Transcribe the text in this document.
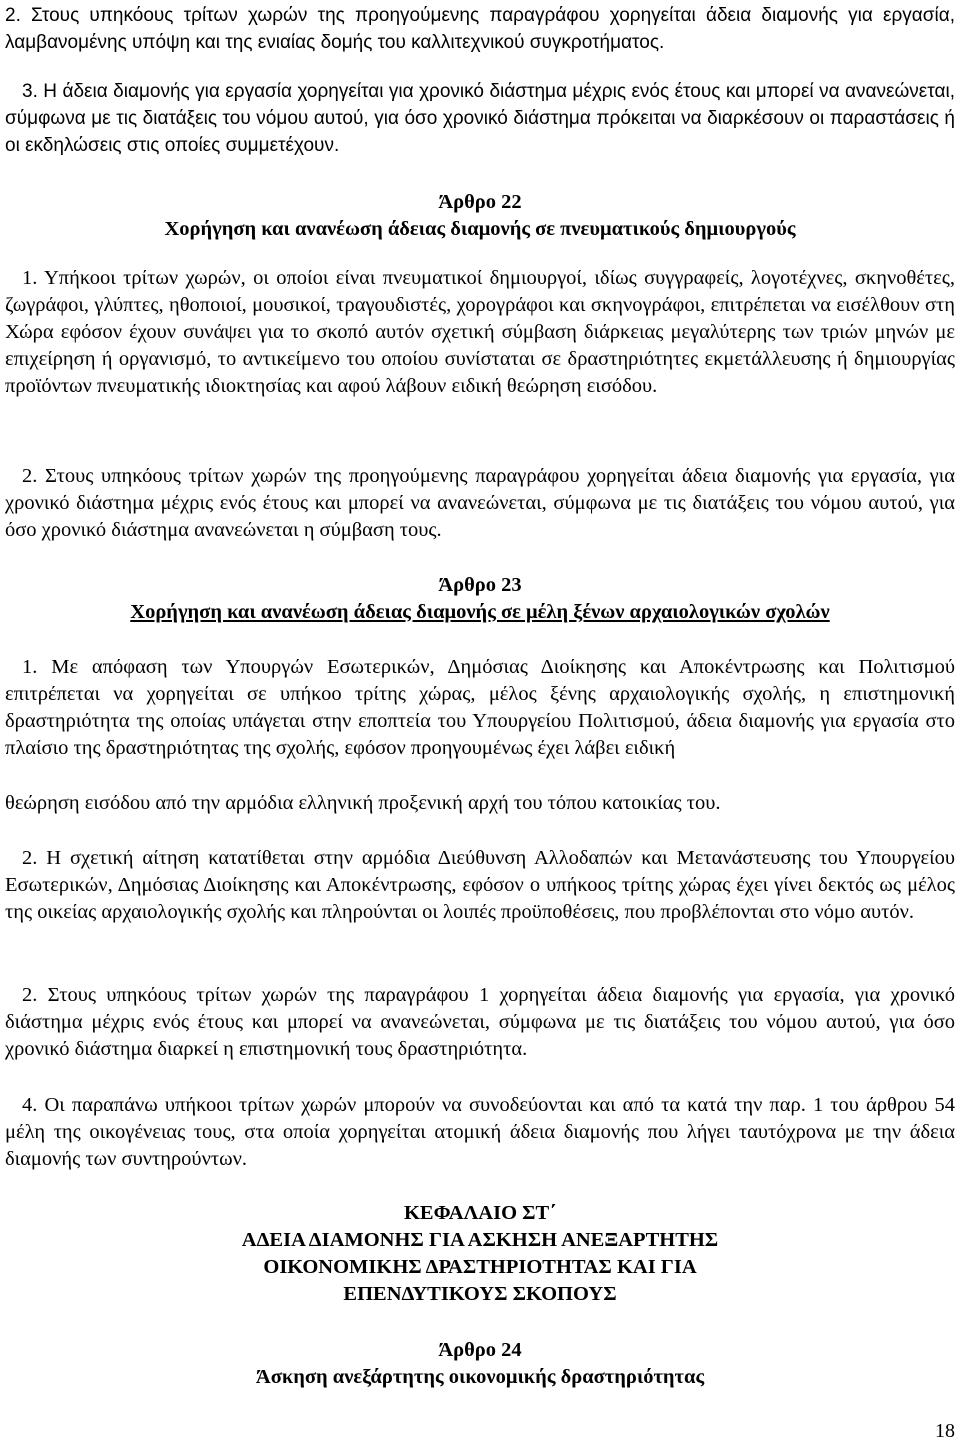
2. Στους υπηκόους τρίτων χωρών της προηγούμενης παραγράφου χορηγείται άδεια διαμονής για εργασία, λαμβανομένης υπόψη και της ενιαίας δομής του καλλιτεχνικού συγκροτήματος.

3. Η άδεια διαμονής για εργασία χορηγείται για χρονικό διάστημα μέχρις ενός έτους και μπορεί να ανανεώνεται, σύμφωνα με τις διατάξεις του νόμου αυτού, για όσο χρονικό διάστημα πρόκειται να διαρκέσουν οι παραστάσεις ή οι εκδηλώσεις στις οποίες συμμετέχουν.

Άρθρο 22

Χορήγηση και ανανέωση άδειας διαμονής σε πνευματικούς δημιουργούς

1. Υπήκοοι τρίτων χωρών, οι οποίοι είναι πνευματικοί δημιουργοί, ιδίως συγγραφείς, λογοτέχνες, σκηνοθέτες, ζωγράφοι, γλύπτες, ηθοποιοί, μουσικοί, τραγουδιστές, χορογράφοι και σκηνογράφοι, επιτρέπεται να εισέλθουν στη Χώρα εφόσον έχουν συνάψει για το σκοπό αυτόν σχετική σύμβαση διάρκειας μεγαλύτερης των τριών μηνών με επιχείρηση ή οργανισμό, το αντικείμενο του οποίου συνίσταται σε δραστηριότητες εκμετάλλευσης ή δημιουργίας προϊόντων πνευματικής ιδιοκτησίας και αφού λάβουν ειδική θεώρηση εισόδου.

2. Στους υπηκόους τρίτων χωρών της προηγούμενης παραγράφου χορηγείται άδεια διαμονής για εργασία, για χρονικό διάστημα μέχρις ενός έτους και μπορεί να ανανεώνεται, σύμφωνα με τις διατάξεις του νόμου αυτού, για όσο χρονικό διάστημα ανανεώνεται η σύμβαση τους.

Άρθρο 23

Χορήγηση και ανανέωση άδειας διαμονής σε μέλη ξένων αρχαιολογικών σχολών

1. Με απόφαση των Υπουργών Εσωτερικών, Δημόσιας Διοίκησης και Αποκέντρωσης και Πολιτισμού επιτρέπεται να χορηγείται σε υπήκοο τρίτης χώρας, μέλος ξένης αρχαιολογικής σχολής, η επιστημονική δραστηριότητα της οποίας υπάγεται στην εποπτεία του Υπουργείου Πολιτισμού, άδεια διαμονής για εργασία στο πλαίσιο της δραστηριότητας της σχολής, εφόσον προηγουμένως έχει λάβει ειδική

θεώρηση εισόδου από την αρμόδια ελληνική προξενική αρχή του τόπου κατοικίας του.

2. Η σχετική αίτηση κατατίθεται στην αρμόδια Διεύθυνση Αλλοδαπών και Μετανάστευσης του Υπουργείου Εσωτερικών, Δημόσιας Διοίκησης και Αποκέντρωσης, εφόσον ο υπήκοος τρίτης χώρας έχει γίνει δεκτός ως μέλος της οικείας αρχαιολογικής σχολής και πληρούνται οι λοιπές προϋποθέσεις, που προβλέπονται στο νόμο αυτόν.

2. Στους υπηκόους τρίτων χωρών της παραγράφου 1 χορηγείται άδεια διαμονής για εργασία, για χρονικό διάστημα μέχρις ενός έτους και μπορεί να ανανεώνεται, σύμφωνα με τις διατάξεις του νόμου αυτού, για όσο χρονικό διάστημα διαρκεί η επιστημονική τους δραστηριότητα.

4. Οι παραπάνω υπήκοοι τρίτων χωρών μπορούν να συνοδεύονται και από τα κατά την παρ. 1 του άρθρου 54 μέλη της οικογένειας τους, στα οποία χορηγείται ατομική άδεια διαμονής που λήγει ταυτόχρονα με την άδεια διαμονής των συντηρούντων.

ΚΕΦΑΛΑΙΟ ΣΤ΄

ΑΔΕΙΑ ΔΙΑΜΟΝΗΣ ΓΙΑ ΑΣΚΗΣΗ ΑΝΕΞΑΡΤΗΤΗΣ

ΟΙΚΟΝΟΜΙΚΗΣ ΔΡΑΣΤΗΡΙΟΤΗΤΑΣ ΚΑΙ ΓΙΑ

ΕΠΕΝΔΥΤΙΚΟΥΣ ΣΚΟΠΟΥΣ

Άρθρο 24

Άσκηση ανεξάρτητης οικονομικής δραστηριότητας

18
